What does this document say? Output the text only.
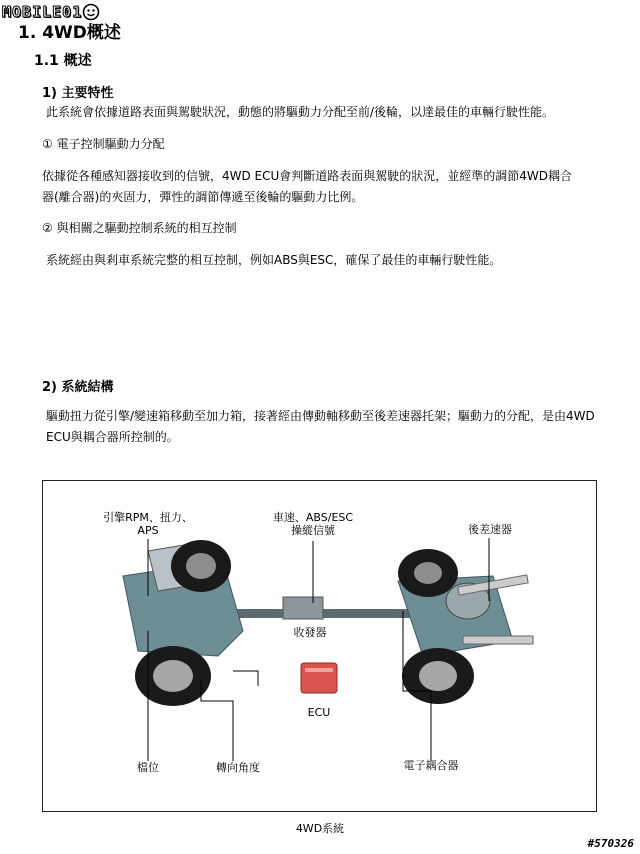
MOBILE01
1. 4WD概述
1.1 概述
1) 主要特性
此系統會依據道路表面與駕駛狀況，動態的將驅動力分配至前/後輪，以達最佳的車輛行駛性能。
① 電子控制驅動力分配
依據從各種感知器接收到的信號，4WD ECU會判斷道路表面與駕駛的狀況，並經準的調節4WD耦合器(離合器)的夾固力，彈性的調節傳遞至後輪的驅動力比例。
② 與相關之驅動控制系統的相互控制
系統經由與剎車系統完整的相互控制，例如ABS與ESC，確保了最佳的車輛行駛性能。
2) 系統結構
驅動扭力從引擎/變速箱移動至加力箱，接著經由傳動軸移動至後差速器托架；驅動力的分配，是由4WD ECU與耦合器所控制的。
引擎RPM、扭力、
APS
車速、ABS/ESC
操縱信號	後差速器
收發器
ECU
檔位	轉向角度	電子耦合器
4WD系統
#570326
